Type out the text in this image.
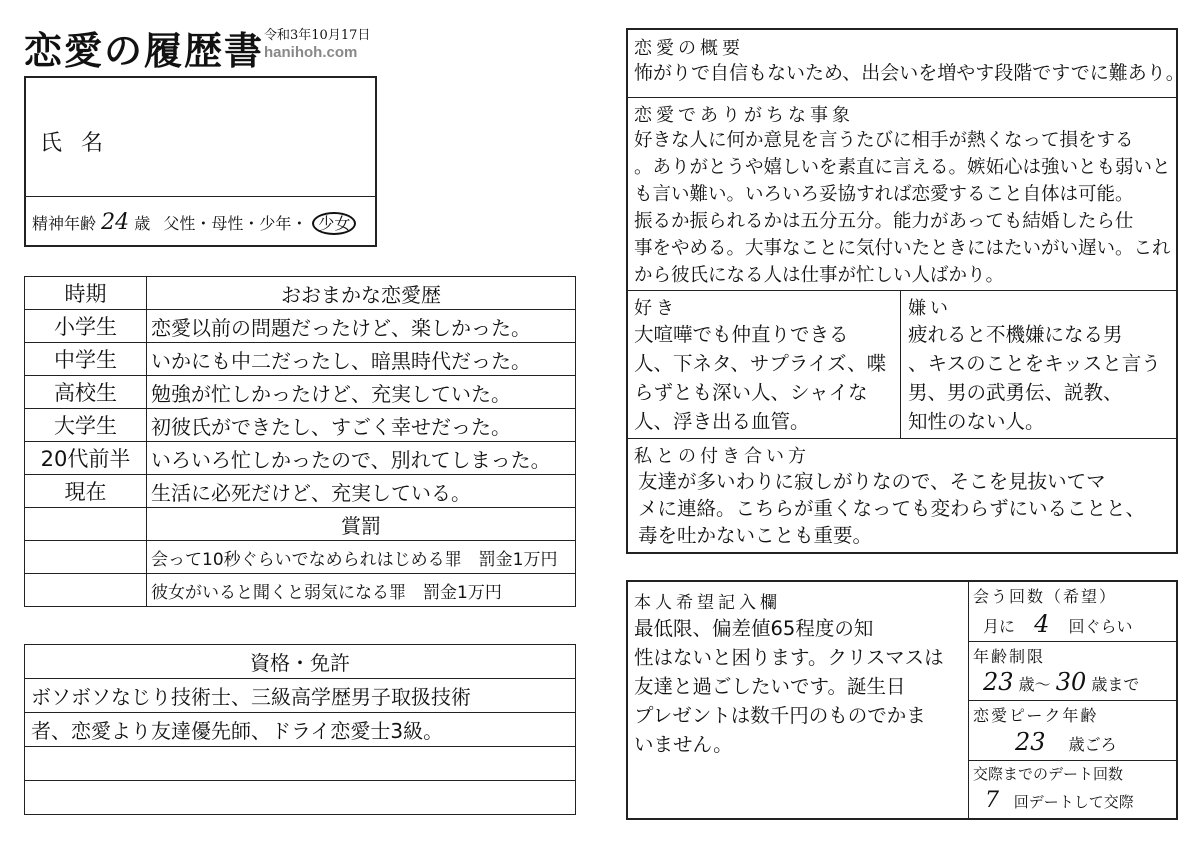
恋愛の履歴書 令和3年10月17日
hanihoh.com
氏 名
精神年齢 24 歳 父性・母性・少年・ 少女
時期	おおまかな恋愛歴
小学生	恋愛以前の問題だったけど、楽しかった。
中学生	いかにも中二だったし、暗黒時代だった。
高校生	勉強が忙しかったけど、充実していた。
大学生	初彼氏ができたし、すごく幸せだった。
20代前半	いろいろ忙しかったので、別れてしまった。
現在	生活に必死だけど、充実している。
	賞罰
	会って10秒ぐらいでなめられはじめる罪　罰金1万円
	彼女がいると聞くと弱気になる罪　罰金1万円
資格・免許
ボソボソなじり技術士、三級高学歴男子取扱技術
者、恋愛より友達優先師、ドライ恋愛士3級。

恋愛の概要
怖がりで自信もないため、出会いを増やす段階ですでに難あり。
恋愛でありがちな事象
好きな人に何か意見を言うたびに相手が熱くなって損をする
。ありがとうや嬉しいを素直に言える。嫉妬心は強いとも弱いと
も言い難い。いろいろ妥協すれば恋愛すること自体は可能。
振るか振られるかは五分五分。能力があっても結婚したら仕
事をやめる。大事なことに気付いたときにはたいがい遅い。これ
から彼氏になる人は仕事が忙しい人ばかり。
好き
大喧嘩でも仲直りできる
人、下ネタ、サプライズ、喋
らずとも深い人、シャイな
人、浮き出る血管。
嫌い
疲れると不機嫌になる男
、キスのことをキッスと言う
男、男の武勇伝、説教、
知性のない人。
私との付き合い方
友達が多いわりに寂しがりなので、そこを見抜いてマ
メに連絡。こちらが重くなっても変わらずにいることと、
毒を吐かないことも重要。
本人希望記入欄
最低限、偏差値65程度の知
性はないと困ります。クリスマスは
友達と過ごしたいです。誕生日
プレゼントは数千円のものでかま
いません。
会う回数（希望）
月に 4 回ぐらい
年齢制限
23 歳～ 30 歳まで
恋愛ピーク年齢
23 歳ごろ
交際までのデート回数
7 回デートして交際
